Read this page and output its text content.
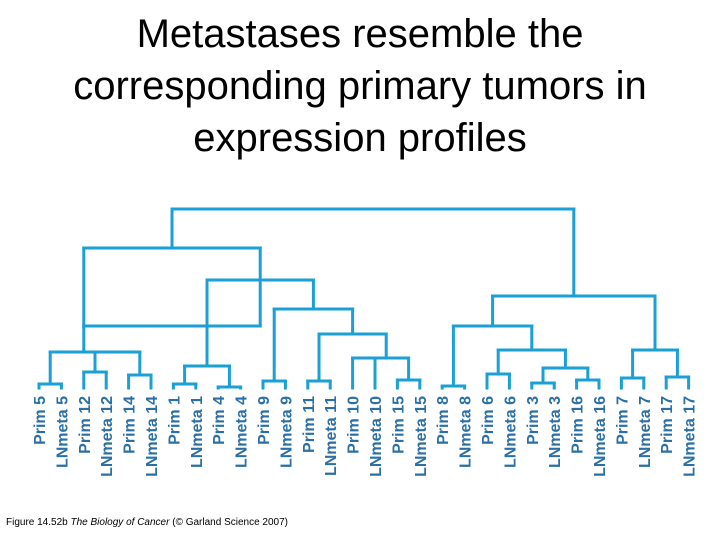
Metastases resemble the
corresponding primary tumors in
expression profiles
Prim 5 LNmeta 5 Prim 12 LNmeta 12 Prim 14 LNmeta 14 Prim 1 LNmeta 1 Prim 4 LNmeta 4 Prim 9 LNmeta 9 Prim 11 LNmeta 11 Prim 10 LNmeta 10 Prim 15 LNmeta 15 Prim 8 LNmeta 8 Prim 6 LNmeta 6 Prim 3 LNmeta 3 Prim 16 LNmeta 16 Prim 7 LNmeta 7 Prim 17 LNmeta 17
Figure 14.52b The Biology of Cancer (© Garland Science 2007)
